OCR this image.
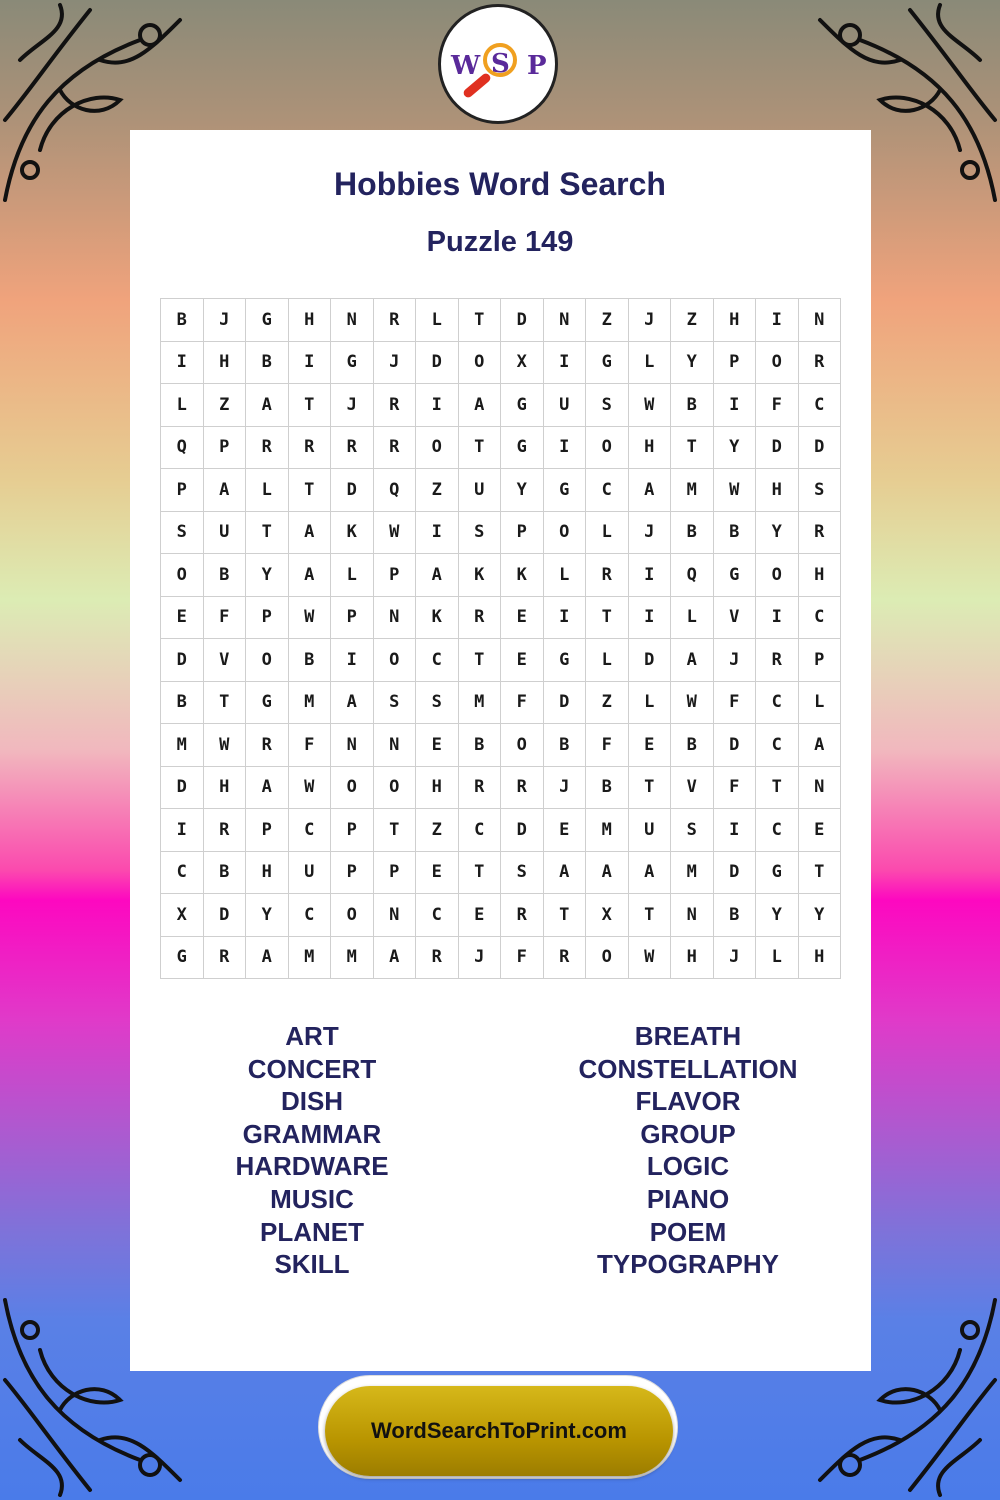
W S P
Hobbies Word Search
Puzzle 149
B	J	G	H	N	R	L	T	D	N	Z	J	Z	H	I	N
I	H	B	I	G	J	D	O	X	I	G	L	Y	P	O	R
L	Z	A	T	J	R	I	A	G	U	S	W	B	I	F	C
Q	P	R	R	R	R	O	T	G	I	O	H	T	Y	D	D
P	A	L	T	D	Q	Z	U	Y	G	C	A	M	W	H	S
S	U	T	A	K	W	I	S	P	O	L	J	B	B	Y	R
O	B	Y	A	L	P	A	K	K	L	R	I	Q	G	O	H
E	F	P	W	P	N	K	R	E	I	T	I	L	V	I	C
D	V	O	B	I	O	C	T	E	G	L	D	A	J	R	P
B	T	G	M	A	S	S	M	F	D	Z	L	W	F	C	L
M	W	R	F	N	N	E	B	O	B	F	E	B	D	C	A
D	H	A	W	O	O	H	R	R	J	B	T	V	F	T	N
I	R	P	C	P	T	Z	C	D	E	M	U	S	I	C	E
C	B	H	U	P	P	E	T	S	A	A	A	M	D	G	T
X	D	Y	C	O	N	C	E	R	T	X	T	N	B	Y	Y
G	R	A	M	M	A	R	J	F	R	O	W	H	J	L	H
ART
CONCERT
DISH
GRAMMAR
HARDWARE
MUSIC
PLANET
SKILL
BREATH
CONSTELLATION
FLAVOR
GROUP
LOGIC
PIANO
POEM
TYPOGRAPHY
WordSearchToPrint.com
